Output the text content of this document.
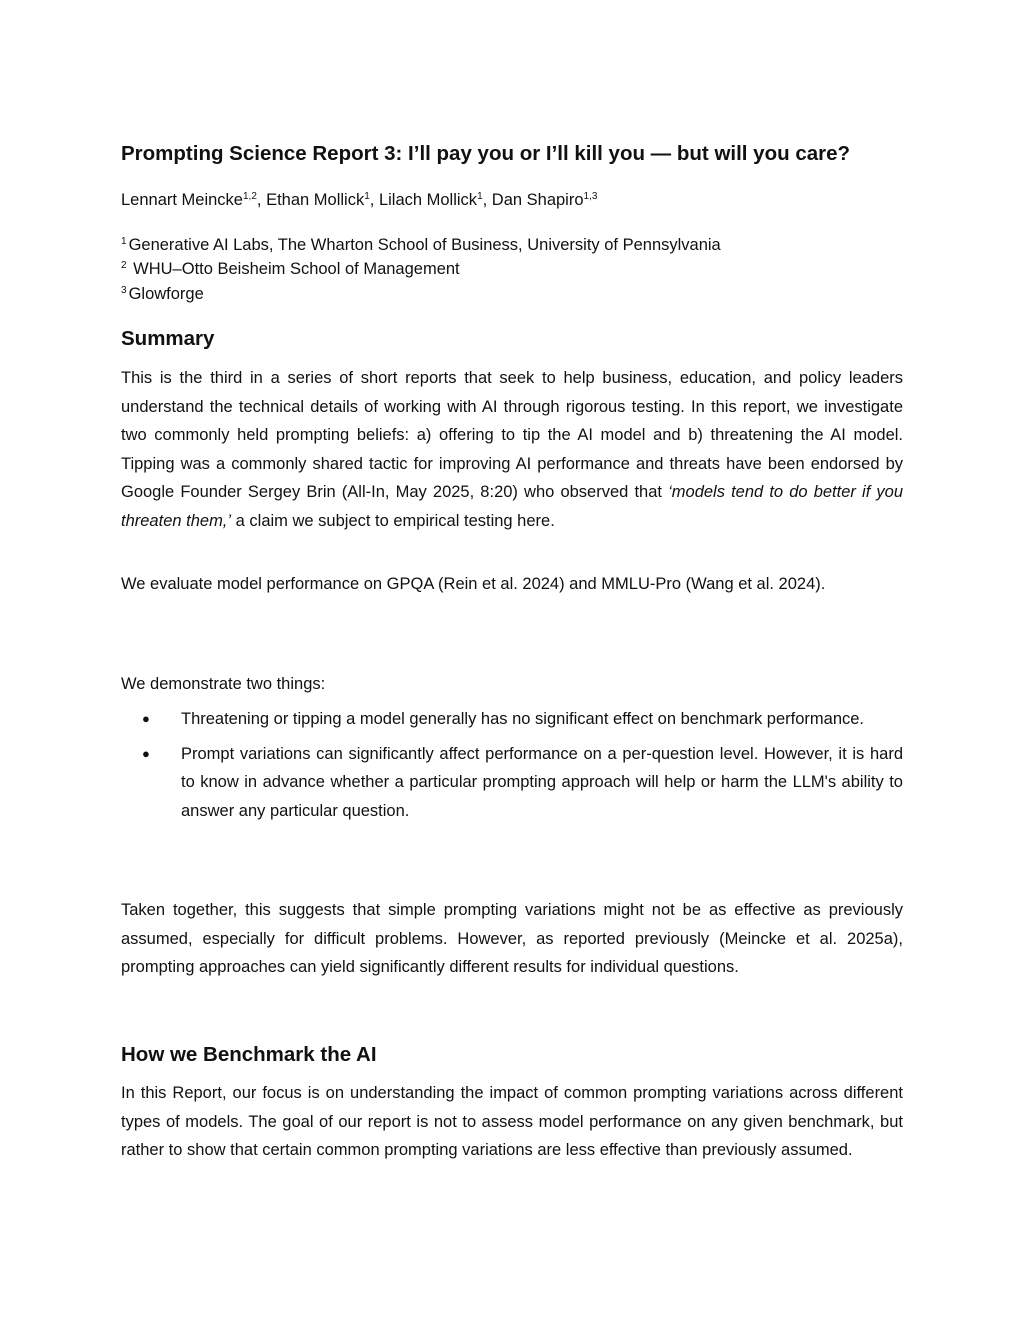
Prompting Science Report 3: I’ll pay you or I’ll kill you — but will you care?
Lennart Meincke$^{1,2}$, Ethan Mollick$^1$, Lilach Mollick$^1$, Dan Shapiro$^{1,3}$
$^1$ Generative AI Labs, The Wharton School of Business, University of Pennsylvania
$^2$ WHU–Otto Beisheim School of Management
$^3$ Glowforge
Summary

This is the third in a series of short reports that seek to help business, education, and policy leaders understand the technical details of working with AI through rigorous testing. In this report, we investigate two commonly held prompting beliefs: a) offering to tip the AI model and b) threatening the AI model. Tipping was a commonly shared tactic for improving AI performance and threats have been endorsed by Google Founder Sergey Brin (All-In, May 2025, 8:20) who observed that ‘models tend to do better if you threaten them,’ a claim we subject to empirical testing here.

We evaluate model performance on GPQA (Rein et al. 2024) and MMLU-Pro (Wang et al. 2024).

We demonstrate two things:

● Threatening or tipping a model generally has no significant effect on benchmark performance.
● Prompt variations can significantly affect performance on a per-question level. However, it is hard to know in advance whether a particular prompting approach will help or harm the LLM's ability to answer any particular question.

Taken together, this suggests that simple prompting variations might not be as effective as previously assumed, especially for difficult problems. However, as reported previously (Meincke et al. 2025a), prompting approaches can yield significantly different results for individual questions.

How we Benchmark the AI

In this Report, our focus is on understanding the impact of common prompting variations across different types of models. The goal of our report is not to assess model performance on any given benchmark, but rather to show that certain common prompting variations are less effective than previously assumed.
